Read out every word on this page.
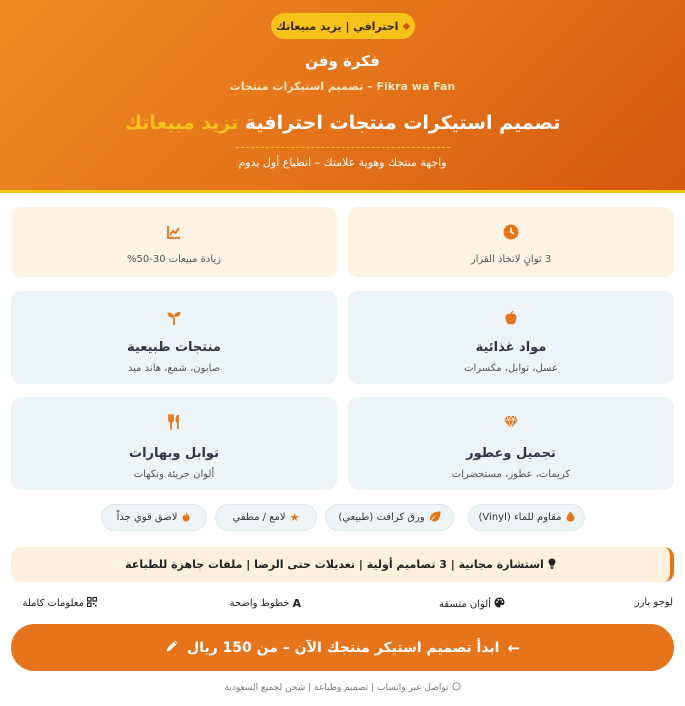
◆
احترافي | يزيد مبيعاتك
فكرة وفن
Fikra wa Fan – تصميم استيكرات منتجات
تصميم استيكرات منتجات احترافية تزيد مبيعاتك
واجهة منتجك وهوية علامتك – انطباع أول يدوم
3 ثوانٍ لاتخاذ القرار
زيادة مبيعات 30-50%
مواد غذائية
عسل، توابل، مكسرات
منتجات طبيعية
صابون، شمع، هاند ميد
تجميل وعطور
كريمات، عطور، مستحضرات
توابل وبهارات
ألوان جريئة ونكهات
مقاوم للماء (Vinyl)
ورق كرافت (طبيعي)
★
لامع / مطفي
لاصق قوي جداً
استشارة مجانية | 3 تصاميم أولية | تعديلات حتى الرضا | ملفات جاهزة للطباعة
لوجو بارز
ألوان متسقة
A
خطوط واضحة
معلومات كاملة
←
ابدأ تصميم استيكر منتجك الآن – من 150 ريال
تواصل عبر واتساب | تصميم وطباعة | شحن لجميع السعودية
